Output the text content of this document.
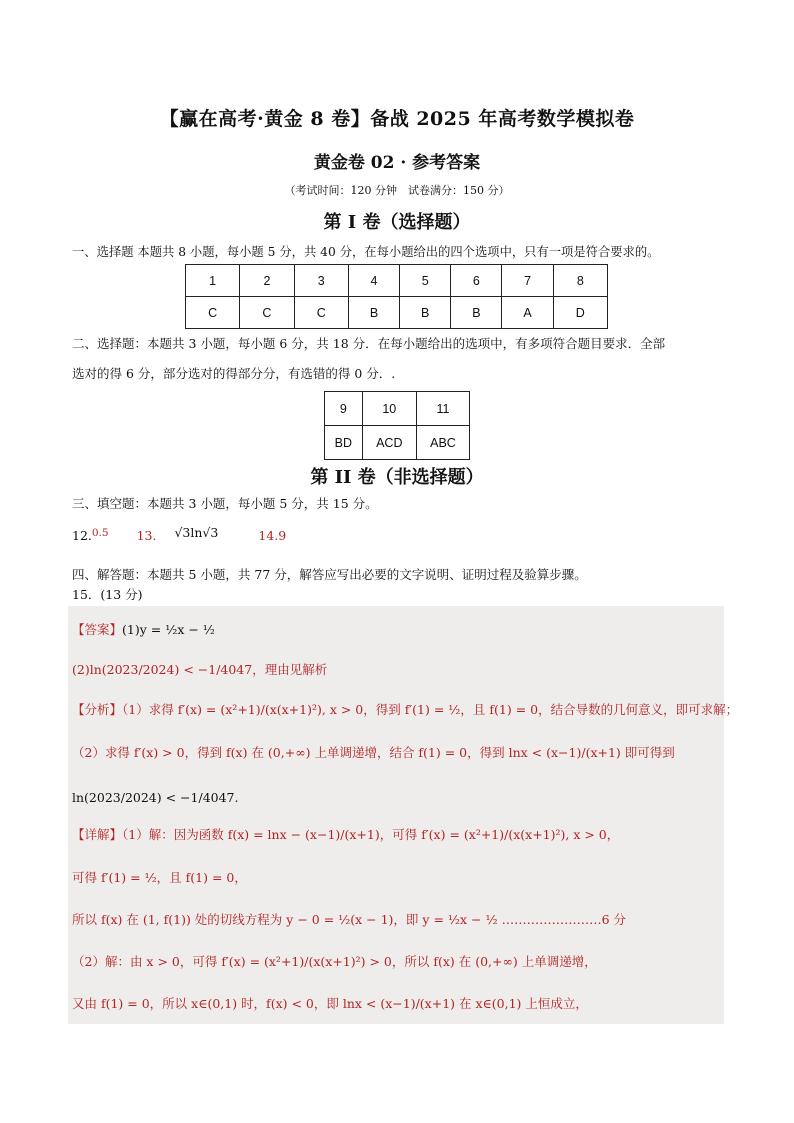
【赢在高考·黄金 8 卷】备战 2025 年高考数学模拟卷
黄金卷 02 · 参考答案
（考试时间：120 分钟　试卷满分：150 分）
第 I 卷（选择题）
一、选择题 本题共 8 小题，每小题 5 分，共 40 分，在每小题给出的四个选项中，只有一项是符合要求的。
1	2	3	4	5	6	7	8
C	C	C	B	B	B	A	D
二、选择题：本题共 3 小题，每小题 6 分，共 18 分．在每小题给出的选项中，有多项符合题目要求．全部
选对的得 6 分，部分选对的得部分分，有选错的得 0 分．.
9	10	11
BD	ACD	ABC
第 II 卷（非选择题）
三、填空题：本题共 3 小题，每小题 5 分，共 15 分。
12.$^{0.5}$ 13. √3ln√3	14.9
四、解答题：本题共 5 小题，共 77 分，解答应写出必要的文字说明、证明过程及验算步骤。
15．(13 分)
【答案】(1)y = ½x − ½
(2)ln(2023/2024) < −1/4047，理由见解析
【分析】（1）求得 f′(x) = (x²+1)/(x(x+1)²), x > 0，得到 f′(1) = ½，且 f(1) = 0，结合导数的几何意义，即可求解；
（2）求得 f′(x) > 0，得到 f(x) 在 (0,+∞) 上单调递增，结合 f(1) = 0，得到 lnx < (x−1)/(x+1) 即可得到
ln(2023/2024) < −1/4047.
【详解】（1）解：因为函数 f(x) = lnx − (x−1)/(x+1)，可得 f′(x) = (x²+1)/(x(x+1)²), x > 0，
可得 f′(1) = ½，且 f(1) = 0，
所以 f(x) 在 (1, f(1)) 处的切线方程为 y − 0 = ½(x − 1)，即 y = ½x − ½ ……………………6 分
（2）解：由 x > 0，可得 f′(x) = (x²+1)/(x(x+1)²) > 0，所以 f(x) 在 (0,+∞) 上单调递增，
又由 f(1) = 0，所以 x∈(0,1) 时，f(x) < 0，即 lnx < (x−1)/(x+1) 在 x∈(0,1) 上恒成立，
